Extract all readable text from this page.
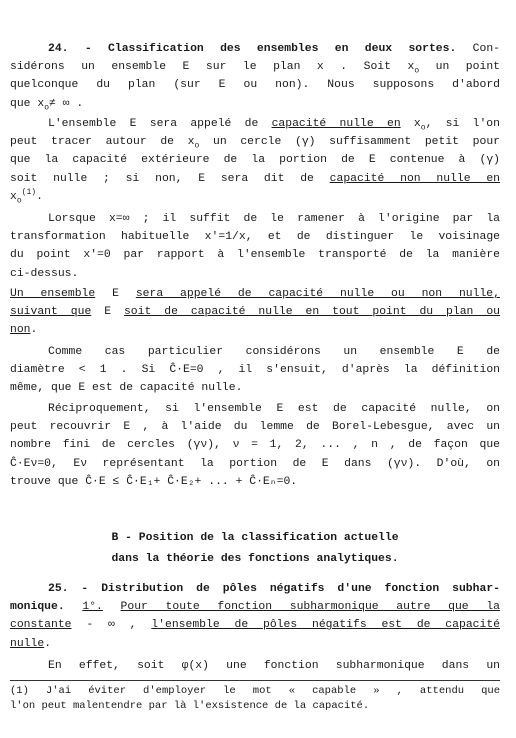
24. - Classification des ensembles en deux sortes. Con-
sidérons un ensemble E sur le plan x . Soit $x_o$ un point
quelconque du plan (sur E ou non). Nous supposons d'abord
que $x_o\ne$ ∞ .
L'ensemble E sera appelé de capacité nulle en $x_o$, si l'on
peut tracer autour de $x_o$ un cercle (γ) suffisamment petit pour
que la capacité extérieure de la portion de E contenue à (γ)
soit nulle ; si non, E sera dit de capacité non nulle en
$x_o^{(1)}$.
Lorsque x=∞ ; il suffit de le ramener à l'origine par la
transformation habituelle x'=1/x, et de distinguer le voisinage
du point x'=0 par rapport à l'ensemble transporté de la manière
ci-dessus.
Un ensemble E sera appelé de capacité nulle ou non nulle,
suivant que E soit de capacité nulle en tout point du plan ou
non.
Comme cas particulier considérons un ensemble E de
diamètre < 1 . Si Ĉ·E=0 , il s'ensuit, d'après la définition
même, que E est de capacité nulle.
Réciproquement, si l'ensemble E est de capacité nulle, on
peut recouvrir E , à l'aide du lemme de Borel-Lebesgue, avec un
nombre fini de cercles (γν), ν = 1, 2, ... , n , de façon que
Ĉ·Eν=0, Eν représentant la portion de E dans (γν). D'où, on
trouve que Ĉ·E ≤ Ĉ·E₁+ Ĉ·E₂+ ... + Ĉ·Eₙ=0.
B - Position de la classification actuelle
dans la théorie des fonctions analytiques.
25. - Distribution de pôles négatifs d'une fonction subhar-
monique. 1°. Pour toute fonction subharmonique autre que la
constante - ∞ , l'ensemble de pôles négatifs est de capacité
nulle.
En effet, soit φ(x) une fonction subharmonique dans un
(1) J'ai éviter d'employer le mot « capable » , attendu que
l'on peut malentendre par là l'exsistence de la capacité.
